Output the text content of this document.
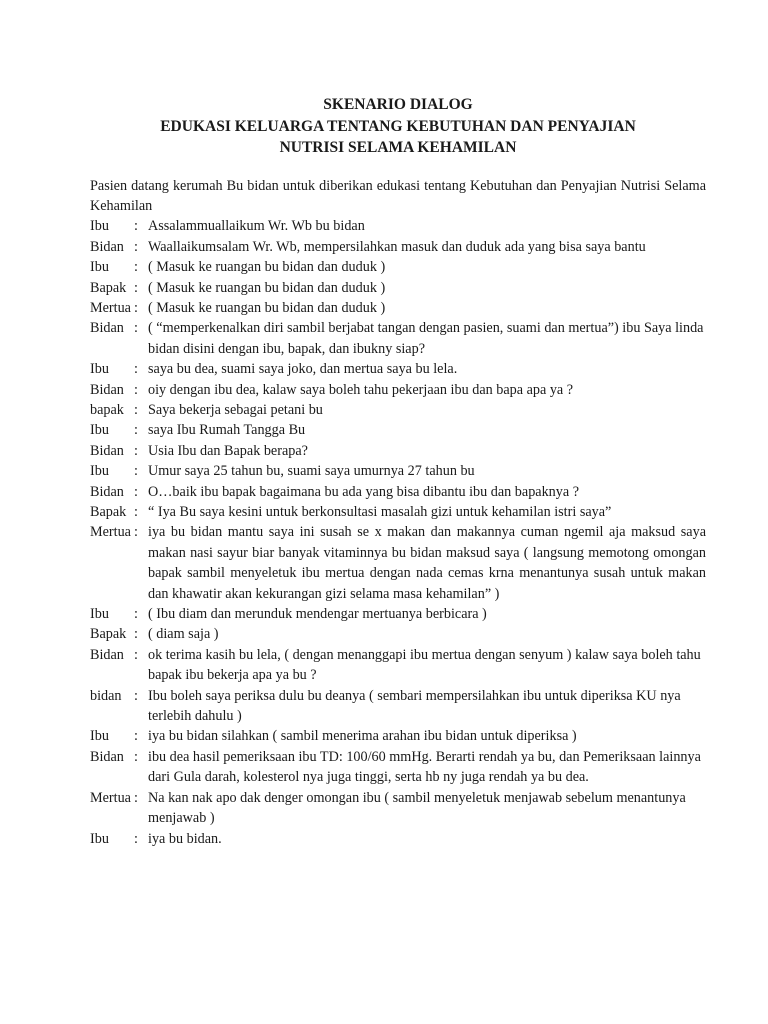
SKENARIO DIALOG

EDUKASI KELUARGA TENTANG KEBUTUHAN DAN PENYAJIAN

NUTRISI SELAMA KEHAMILAN

Pasien datang kerumah Bu bidan untuk diberikan edukasi tentang Kebutuhan dan Penyajian Nutrisi Selama Kehamilan
Ibu	: Assalammuallaikum Wr. Wb bu bidan
Bidan : Waallaikumsalam Wr. Wb, mempersilahkan masuk dan duduk ada yang bisa saya bantu
Ibu	: ( Masuk ke ruangan bu bidan dan duduk )
Bapak : ( Masuk ke ruangan bu bidan dan duduk )
Mertua : ( Masuk ke ruangan bu bidan dan duduk )
Bidan : ( “memperkenalkan diri sambil berjabat tangan dengan pasien, suami dan mertua”) ibu Saya linda bidan disini dengan ibu, bapak, dan ibukny siap?
Ibu	: saya bu dea, suami saya joko, dan mertua saya bu lela.
Bidan : oiy dengan ibu dea, kalaw saya boleh tahu pekerjaan ibu dan bapa apa ya ?
bapak : Saya bekerja sebagai petani bu
Ibu	: saya Ibu Rumah Tangga Bu
Bidan : Usia Ibu dan Bapak berapa?
Ibu	: Umur saya 25 tahun bu, suami saya umurnya 27 tahun bu
Bidan : O…baik ibu bapak bagaimana bu ada yang bisa dibantu ibu dan bapaknya ?
Bapak : “ Iya Bu saya kesini untuk berkonsultasi masalah gizi untuk kehamilan istri saya”
Mertua : iya bu bidan mantu saya ini susah se x makan dan makannya cuman ngemil aja maksud saya makan nasi sayur biar banyak vitaminnya bu bidan maksud saya ( langsung memotong omongan bapak sambil menyeletuk ibu mertua dengan nada cemas krna menantunya susah untuk makan dan khawatir akan kekurangan gizi selama masa kehamilan” )
Ibu	: ( Ibu diam dan merunduk mendengar mertuanya berbicara )
Bapak : ( diam saja )
Bidan : ok terima kasih bu lela, ( dengan menanggapi ibu mertua dengan senyum ) kalaw saya boleh tahu bapak ibu bekerja apa ya bu ?
bidan : Ibu boleh saya periksa dulu bu deanya ( sembari mempersilahkan ibu untuk diperiksa KU nya terlebih dahulu )
Ibu	: iya bu bidan silahkan ( sambil menerima arahan ibu bidan untuk diperiksa )
Bidan : ibu dea hasil pemeriksaan ibu TD: 100/60 mmHg. Berarti rendah ya bu, dan Pemeriksaan lainnya dari Gula darah, kolesterol nya juga tinggi, serta hb ny juga rendah ya bu dea.
Mertua : Na kan nak apo dak denger omongan ibu ( sambil menyeletuk menjawab sebelum menantunya menjawab )
Ibu	: iya bu bidan.
